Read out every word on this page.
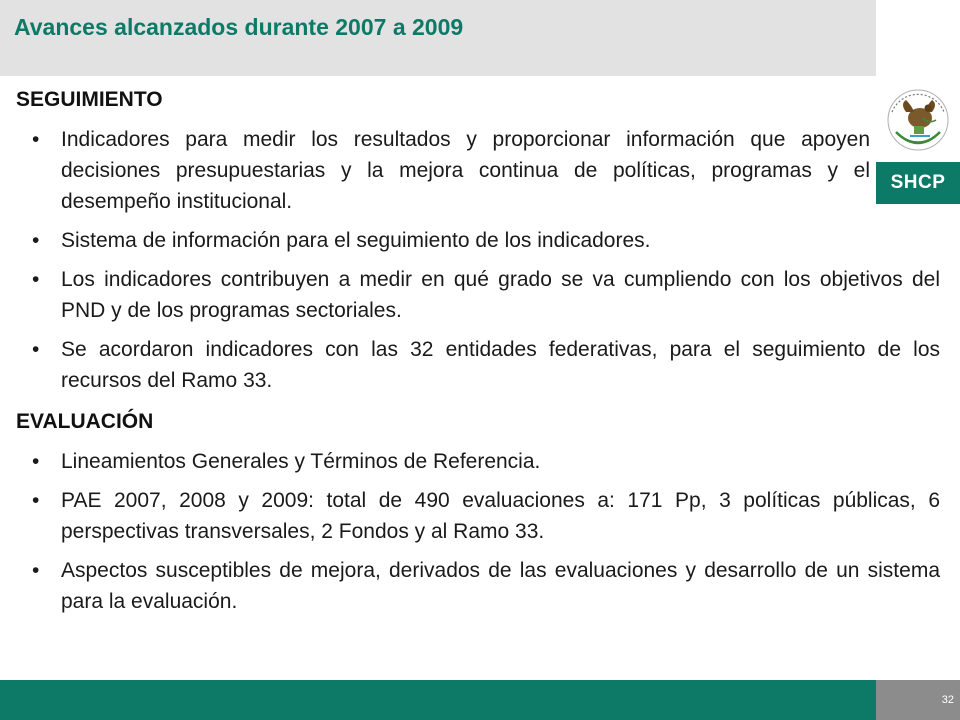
Avances alcanzados durante 2007 a 2009
SHCP
SEGUIMIENTO
• Indicadores para medir los resultados y proporcionar información que apoyen decisiones presupuestarias y la mejora continua de políticas, programas y el desempeño institucional.
• Sistema de información para el seguimiento de los indicadores.
• Los indicadores contribuyen a medir en qué grado se va cumpliendo con los objetivos del PND y de los programas sectoriales.
• Se acordaron indicadores con las 32 entidades federativas, para el seguimiento de los recursos del Ramo 33.
EVALUACIÓN
• Lineamientos Generales y Términos de Referencia.
• PAE 2007, 2008 y 2009: total de 490 evaluaciones a: 171 Pp, 3 políticas públicas, 6 perspectivas transversales, 2 Fondos y al Ramo 33.
• Aspectos susceptibles de mejora, derivados de las evaluaciones y desarrollo de un sistema para la evaluación.
32
